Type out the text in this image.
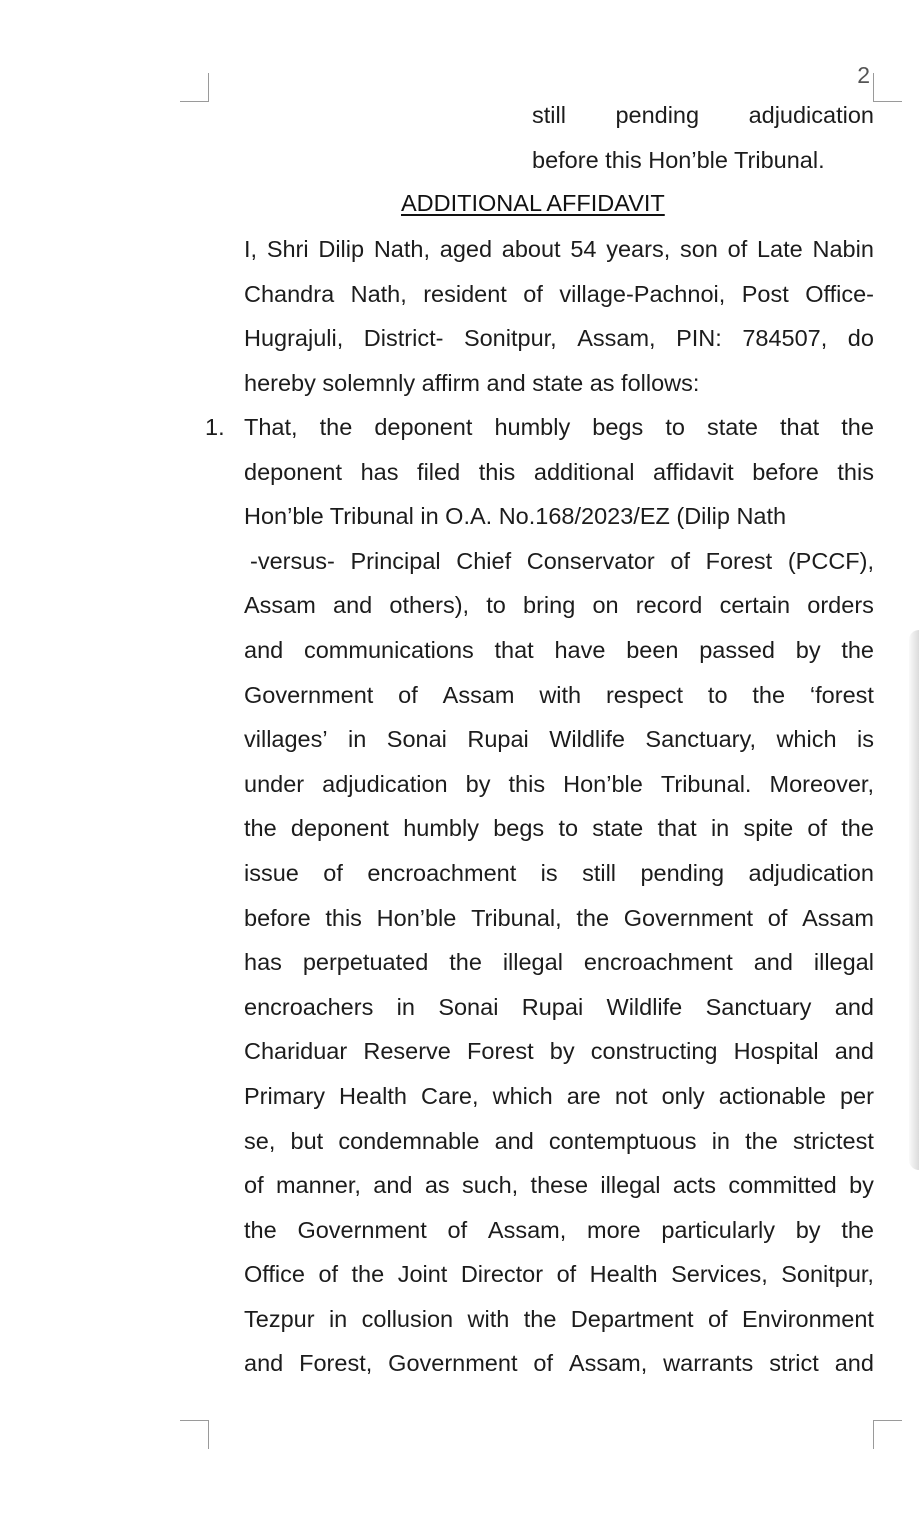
2
still pending adjudication
before this Hon’ble Tribunal.
ADDITIONAL AFFIDAVIT
I, Shri Dilip Nath, aged about 54 years, son of Late Nabin
Chandra Nath, resident of village-Pachnoi, Post Office-
Hugrajuli, District- Sonitpur, Assam, PIN: 784507, do
hereby solemnly affirm and state as follows:
1. That, the deponent humbly begs to state that the
deponent has filed this additional affidavit before this
Hon’ble Tribunal in O.A. No.168/2023/EZ (Dilip Nath
-versus- Principal Chief Conservator of Forest (PCCF),
Assam and others), to bring on record certain orders
and communications that have been passed by the
Government of Assam with respect to the ‘forest
villages’ in Sonai Rupai Wildlife Sanctuary, which is
under adjudication by this Hon’ble Tribunal. Moreover,
the deponent humbly begs to state that in spite of the
issue of encroachment is still pending adjudication
before this Hon’ble Tribunal, the Government of Assam
has perpetuated the illegal encroachment and illegal
encroachers in Sonai Rupai Wildlife Sanctuary and
Chariduar Reserve Forest by constructing Hospital and
Primary Health Care, which are not only actionable per
se, but condemnable and contemptuous in the strictest
of manner, and as such, these illegal acts committed by
the Government of Assam, more particularly by the
Office of the Joint Director of Health Services, Sonitpur,
Tezpur in collusion with the Department of Environment
and Forest, Government of Assam, warrants strict and
